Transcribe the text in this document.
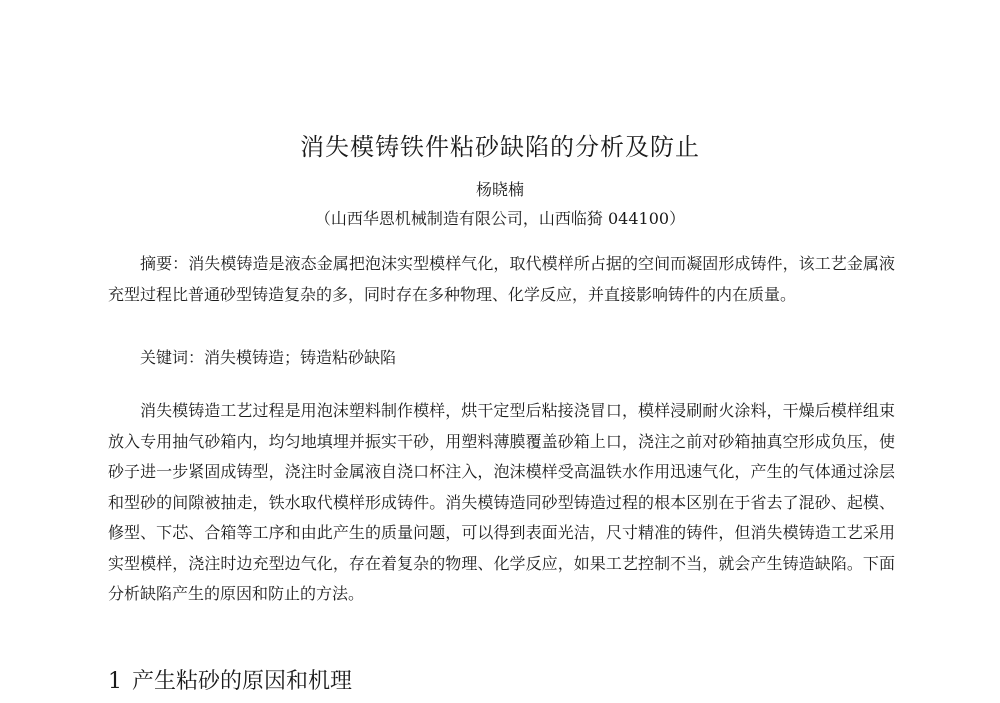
消失模铸铁件粘砂缺陷的分析及防止

杨晓楠

（山西华恩机械制造有限公司，山西临猗 044100）

摘要：消失模铸造是液态金属把泡沫实型模样气化，取代模样所占据的空间而凝固形成铸件，该工艺金属液充型过程比普通砂型铸造复杂的多，同时存在多种物理、化学反应，并直接影响铸件的内在质量。

关键词：消失模铸造；铸造粘砂缺陷

消失模铸造工艺过程是用泡沫塑料制作模样，烘干定型后粘接浇冒口，模样浸刷耐火涂料，干燥后模样组束放入专用抽气砂箱内，均匀地填埋并振实干砂，用塑料薄膜覆盖砂箱上口，浇注之前对砂箱抽真空形成负压，使砂子进一步紧固成铸型，浇注时金属液自浇口杯注入，泡沫模样受高温铁水作用迅速气化，产生的气体通过涂层和型砂的间隙被抽走，铁水取代模样形成铸件。消失模铸造同砂型铸造过程的根本区别在于省去了混砂、起模、修型、下芯、合箱等工序和由此产生的质量问题，可以得到表面光洁，尺寸精准的铸件，但消失模铸造工艺采用实型模样，浇注时边充型边气化，存在着复杂的物理、化学反应，如果工艺控制不当，就会产生铸造缺陷。下面分析缺陷产生的原因和防止的方法。

1 产生粘砂的原因和机理
